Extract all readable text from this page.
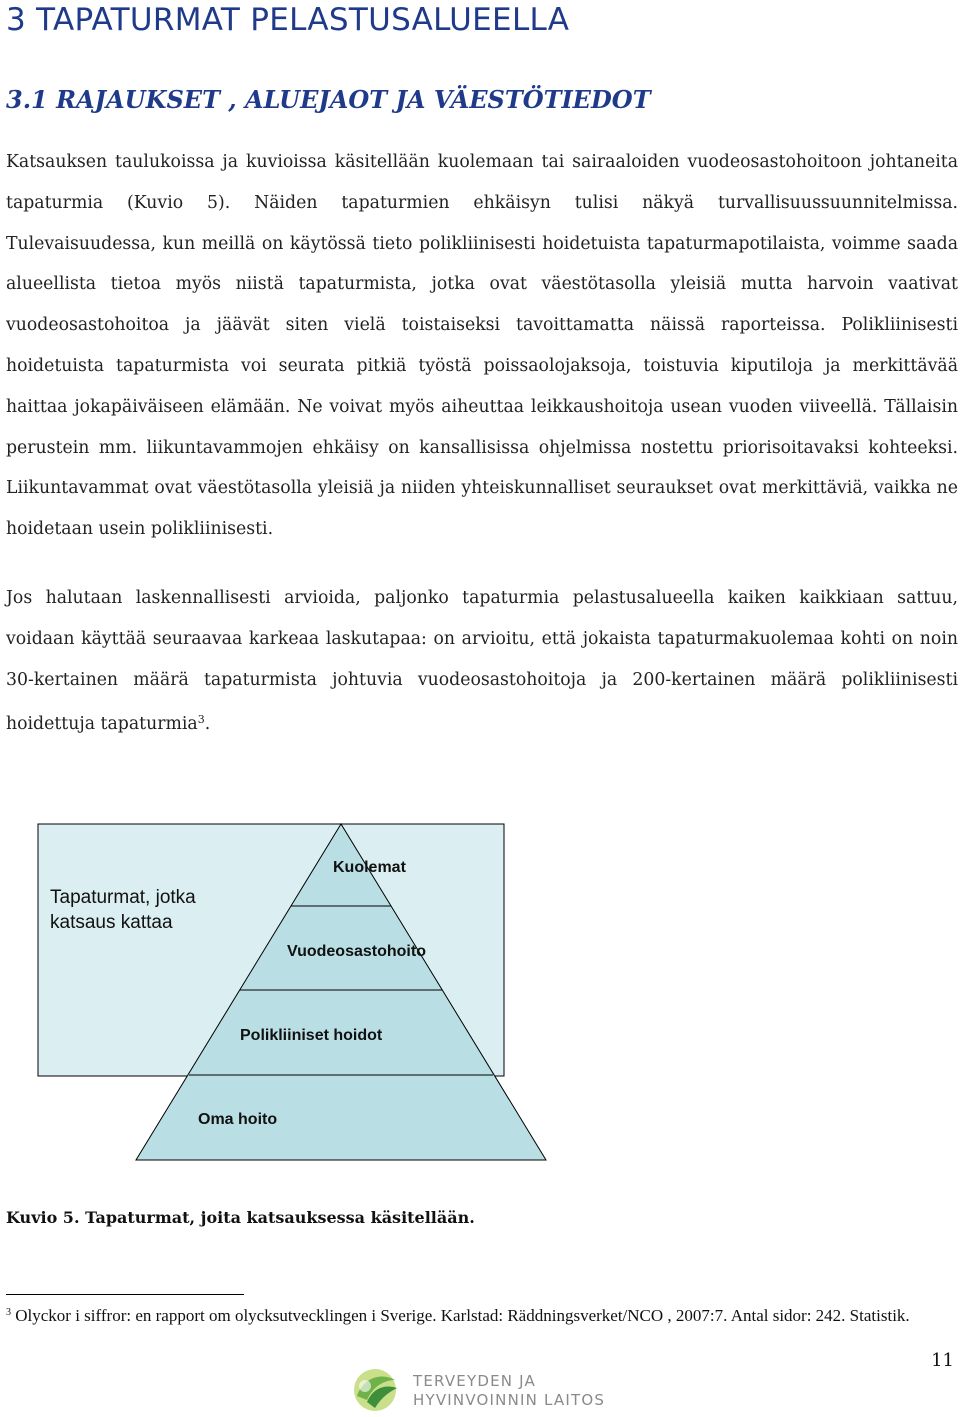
3 TAPATURMAT PELASTUSALUEELLA
3.1 RAJAUKSET , ALUEJAOT JA VÄESTÖTIEDOT
Katsauksen taulukoissa ja kuvioissa käsitellään kuolemaan tai sairaaloiden vuodeosastohoitoon johtaneita tapaturmia (Kuvio 5). Näiden tapaturmien ehkäisyn tulisi näkyä turvallisuussuunnitelmissa. Tulevaisuudessa, kun meillä on käytössä tieto polikliinisesti hoidetuista tapaturmapotilaista, voimme saada alueellista tietoa myös niistä tapaturmista, jotka ovat väestötasolla yleisiä mutta harvoin vaativat vuodeosastohoitoa ja jäävät siten vielä toistaiseksi tavoittamatta näissä raporteissa. Polikliinisesti hoidetuista tapaturmista voi seurata pitkiä työstä poissaolojaksoja, toistuvia kiputiloja ja merkittävää haittaa jokapäiväiseen elämään. Ne voivat myös aiheuttaa leikkaushoitoja usean vuoden viiveellä. Tällaisin perustein mm. liikuntavammojen ehkäisy on kansallisissa ohjelmissa nostettu priorisoitavaksi kohteeksi. Liikuntavammat ovat väestötasolla yleisiä ja niiden yhteiskunnalliset seuraukset ovat merkittäviä, vaikka ne hoidetaan usein polikliinisesti.
Jos halutaan laskennallisesti arvioida, paljonko tapaturmia pelastusalueella kaiken kaikkiaan sattuu, voidaan käyttää seuraavaa karkeaa laskutapaa: on arvioitu, että jokaista tapaturmakuolemaa kohti on noin 30-kertainen määrä tapaturmista johtuvia vuodeosastohoitoja ja 200-kertainen määrä polikliinisesti hoidettuja tapaturmia$^3$.
Tapaturmat, jotka
katsaus kattaa
Kuolemat
Vuodeosastohoito
Polikliiniset hoidot
Oma hoito
Kuvio 5. Tapaturmat, joita katsauksessa käsitellään.
$^3$ Olyckor i siffror: en rapport om olycksutvecklingen i Sverige. Karlstad: Räddningsverket/NCO , 2007:7. Antal sidor: 242. Statistik.
11
TERVEYDEN JA
HYVINVOINNIN LAITOS
